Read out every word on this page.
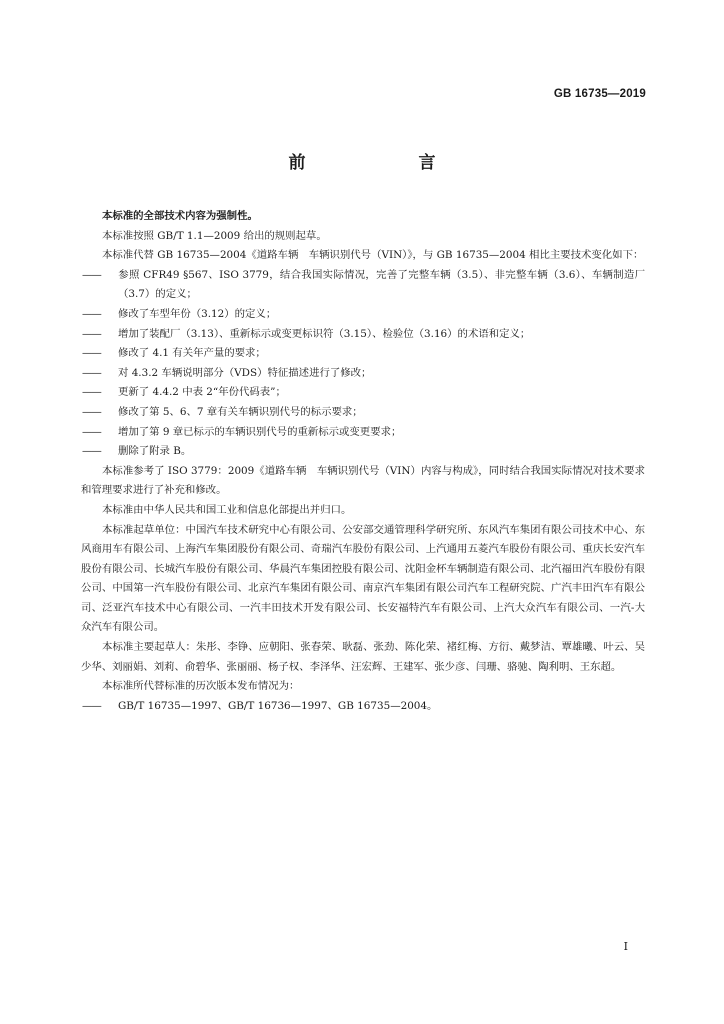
GB 16735—2019
前　言

本标准的全部技术内容为强制性。

本标准按照 GB/T 1.1—2009 给出的规则起草。

本标准代替 GB 16735—2004《道路车辆　车辆识别代号（VIN）》，与 GB 16735—2004 相比主要技术变化如下：

—— 参照 CFR49 §567、ISO 3779，结合我国实际情况，完善了完整车辆（3.5）、非完整车辆（3.6）、车辆制造厂（3.7）的定义；

—— 修改了车型年份（3.12）的定义；

—— 增加了装配厂（3.13）、重新标示或变更标识符（3.15）、检验位（3.16）的术语和定义；

—— 修改了 4.1 有关年产量的要求；

—— 对 4.3.2 车辆说明部分（VDS）特征描述进行了修改；

—— 更新了 4.4.2 中表 2“年份代码表”；

—— 修改了第 5、6、7 章有关车辆识别代号的标示要求；

—— 增加了第 9 章已标示的车辆识别代号的重新标示或变更要求；

—— 删除了附录 B。

本标准参考了 ISO 3779：2009《道路车辆　车辆识别代号（VIN）内容与构成》，同时结合我国实际情况对技术要求和管理要求进行了补充和修改。

本标准由中华人民共和国工业和信息化部提出并归口。

本标准起草单位：中国汽车技术研究中心有限公司、公安部交通管理科学研究所、东风汽车集团有限公司技术中心、东风商用车有限公司、上海汽车集团股份有限公司、奇瑞汽车股份有限公司、上汽通用五菱汽车股份有限公司、重庆长安汽车股份有限公司、长城汽车股份有限公司、华晨汽车集团控股有限公司、沈阳金杯车辆制造有限公司、北汽福田汽车股份有限公司、中国第一汽车股份有限公司、北京汽车集团有限公司、南京汽车集团有限公司汽车工程研究院、广汽丰田汽车有限公司、泛亚汽车技术中心有限公司、一汽丰田技术开发有限公司、长安福特汽车有限公司、上汽大众汽车有限公司、一汽-大众汽车有限公司。

本标准主要起草人：朱彤、李铮、应朝阳、张春荣、耿磊、张劲、陈化荣、褚红梅、方衍、戴梦洁、覃雄曦、叶云、吴少华、刘丽娟、刘莉、俞碧华、张丽丽、杨子权、李泽华、汪宏辉、王建军、张少彦、闫珊、骆驰、陶利明、王东超。

本标准所代替标准的历次版本发布情况为：

—— GB/T 16735—1997、GB/T 16736—1997、GB 16735—2004。

I
